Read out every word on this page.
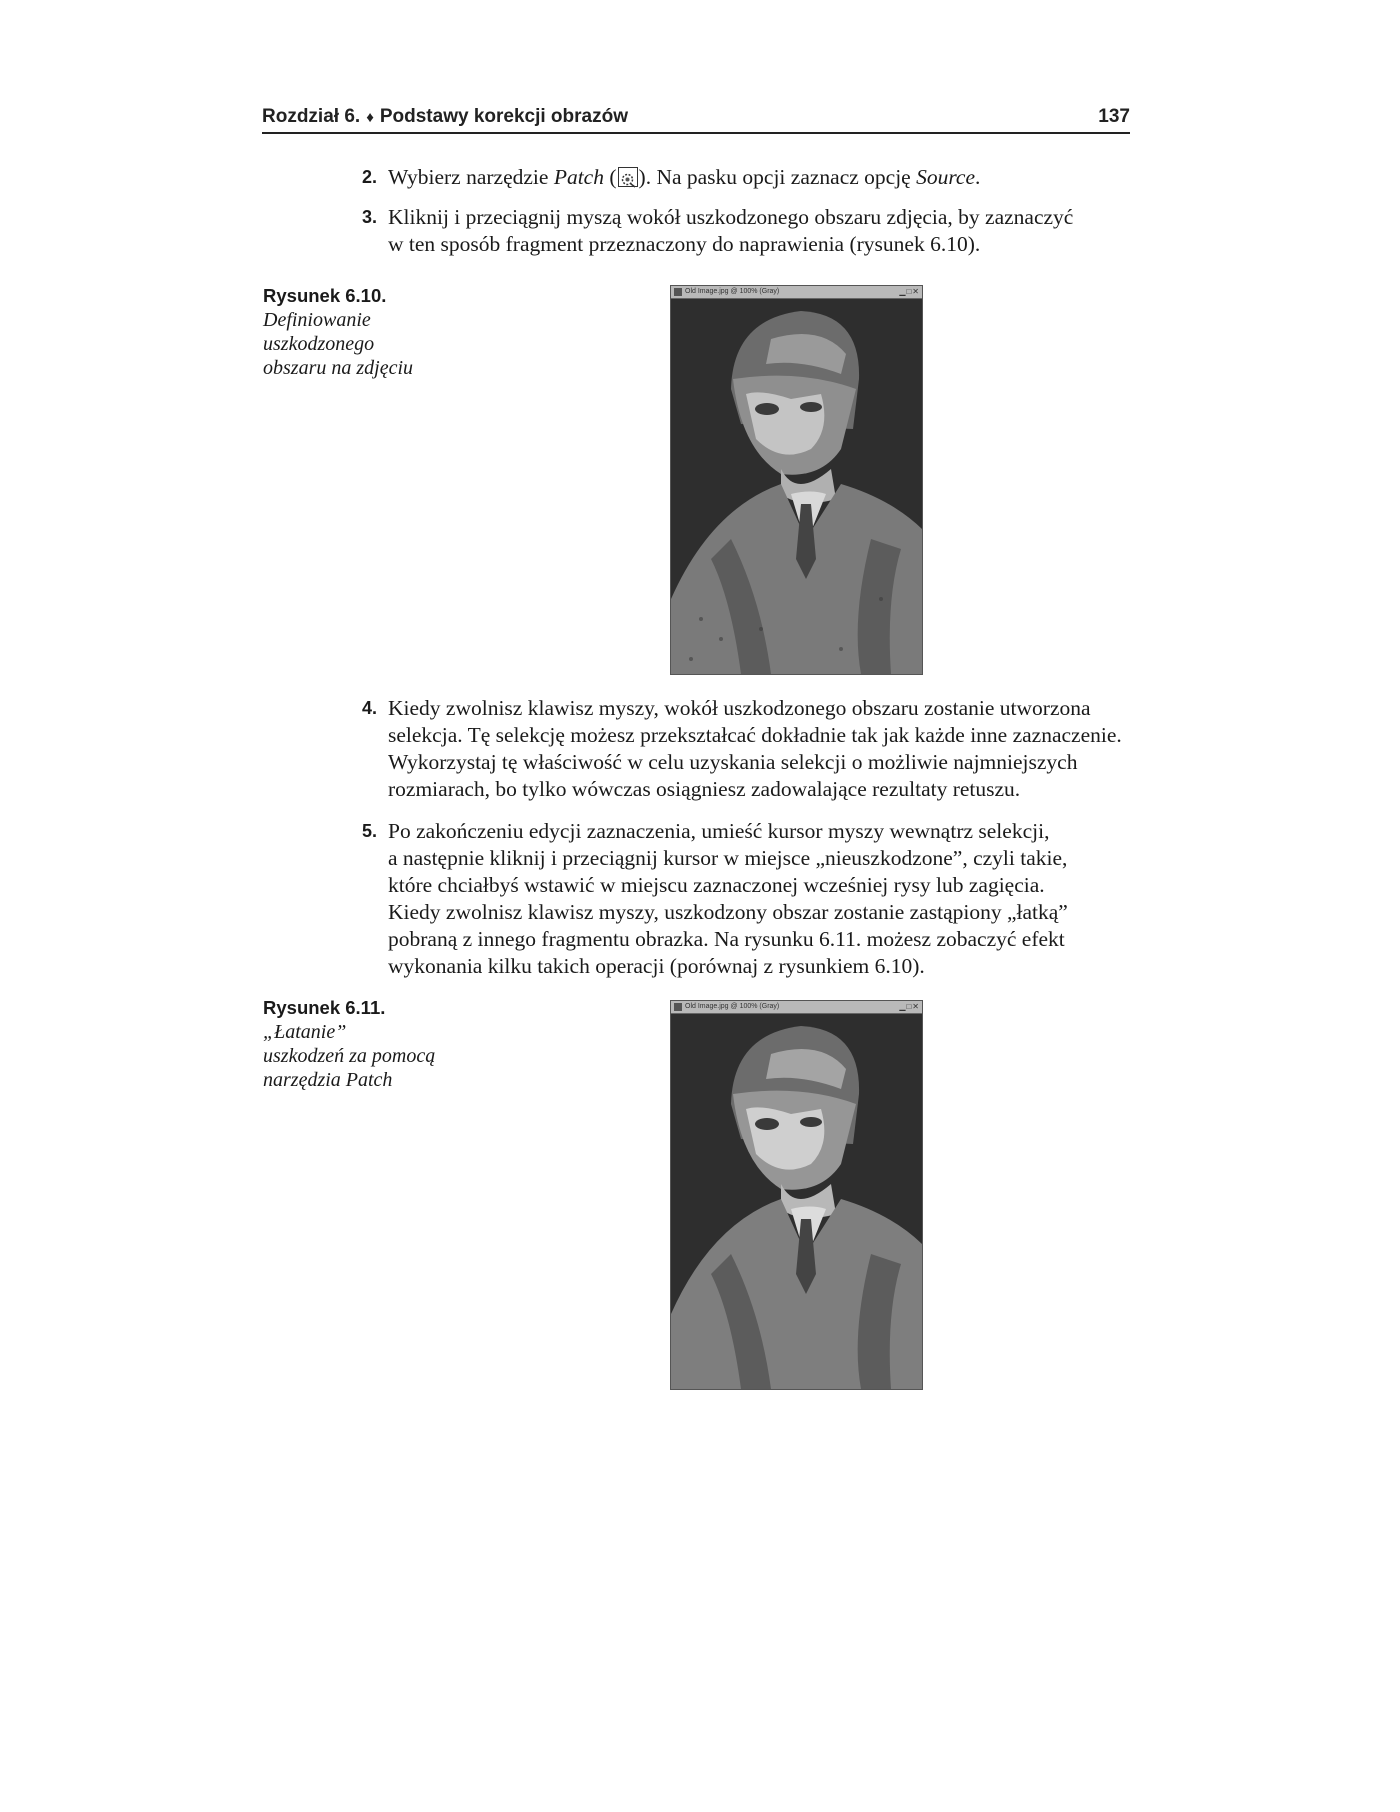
Rozdział 6. ♦ Podstawy korekcji obrazów	137
2. Wybierz narzędzie Patch ( ). Na pasku opcji zaznacz opcję Source.
3. Kliknij i przeciągnij myszą wokół uszkodzonego obszaru zdjęcia, by zaznaczyć
w ten sposób fragment przeznaczony do naprawienia (rysunek 6.10).
Rysunek 6.10.
Definiowanie
uszkodzonego
obszaru na zdjęciu
Old Image.jpg @ 100% (Gray)	▁□✕
4. Kiedy zwolnisz klawisz myszy, wokół uszkodzonego obszaru zostanie utworzona
selekcja. Tę selekcję możesz przekształcać dokładnie tak jak każde inne zaznaczenie.
Wykorzystaj tę właściwość w celu uzyskania selekcji o możliwie najmniejszych
rozmiarach, bo tylko wówczas osiągniesz zadowalające rezultaty retuszu.
5. Po zakończeniu edycji zaznaczenia, umieść kursor myszy wewnątrz selekcji,
a następnie kliknij i przeciągnij kursor w miejsce „nieuszkodzone”, czyli takie,
które chciałbyś wstawić w miejscu zaznaczonej wcześniej rysy lub zagięcia.
Kiedy zwolnisz klawisz myszy, uszkodzony obszar zostanie zastąpiony „łatką”
pobraną z innego fragmentu obrazka. Na rysunku 6.11. możesz zobaczyć efekt
wykonania kilku takich operacji (porównaj z rysunkiem 6.10).
Rysunek 6.11.
„Łatanie”
uszkodzeń za pomocą
narzędzia Patch
Old Image.jpg @ 100% (Gray)	▁□✕
